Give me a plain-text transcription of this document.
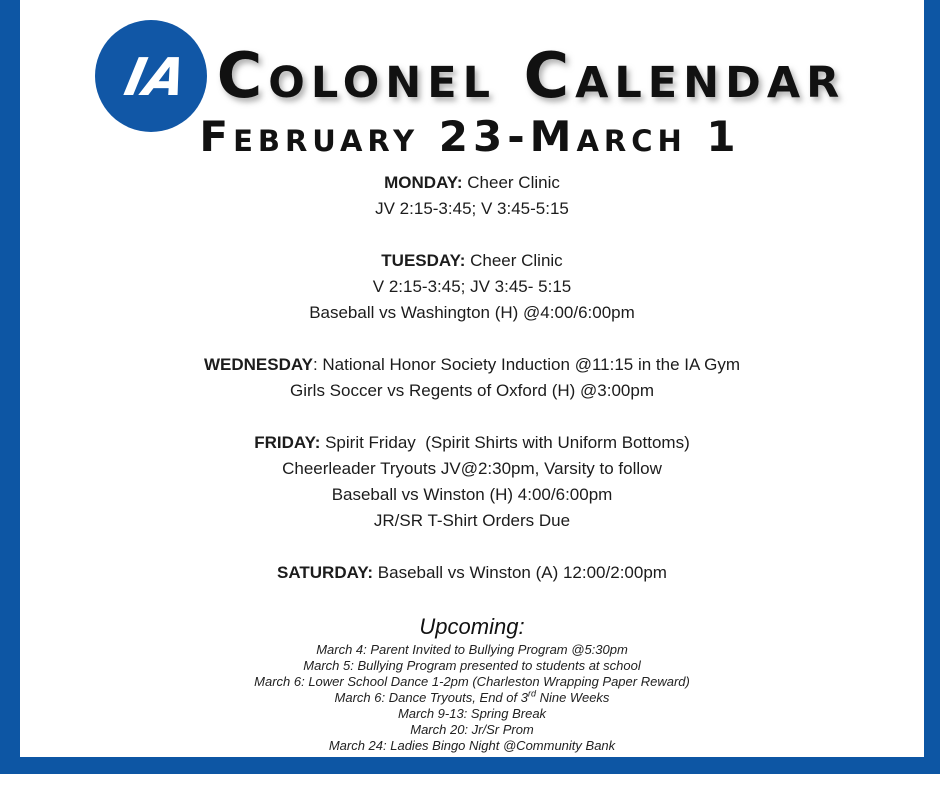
IA Colonel Calendar
February 23-March 1

MONDAY: Cheer Clinic

JV 2:15-3:45; V 3:45-5:15

TUESDAY: Cheer Clinic

V 2:15-3:45; JV 3:45- 5:15

Baseball vs Washington (H) @4:00/6:00pm

WEDNESDAY: National Honor Society Induction @11:15 in the IA Gym

Girls Soccer vs Regents of Oxford (H) @3:00pm

FRIDAY: Spirit Friday  (Spirit Shirts with Uniform Bottoms)

Cheerleader Tryouts JV@2:30pm, Varsity to follow

Baseball vs Winston (H) 4:00/6:00pm

JR/SR T-Shirt Orders Due

SATURDAY: Baseball vs Winston (A) 12:00/2:00pm

Upcoming:

March 4: Parent Invited to Bullying Program @5:30pm

March 5: Bullying Program presented to students at school

March 6: Lower School Dance 1-2pm (Charleston Wrapping Paper Reward)

March 6: Dance Tryouts, End of 3rd Nine Weeks

March 9-13: Spring Break

March 20: Jr/Sr Prom

March 24: Ladies Bingo Night @Community Bank
